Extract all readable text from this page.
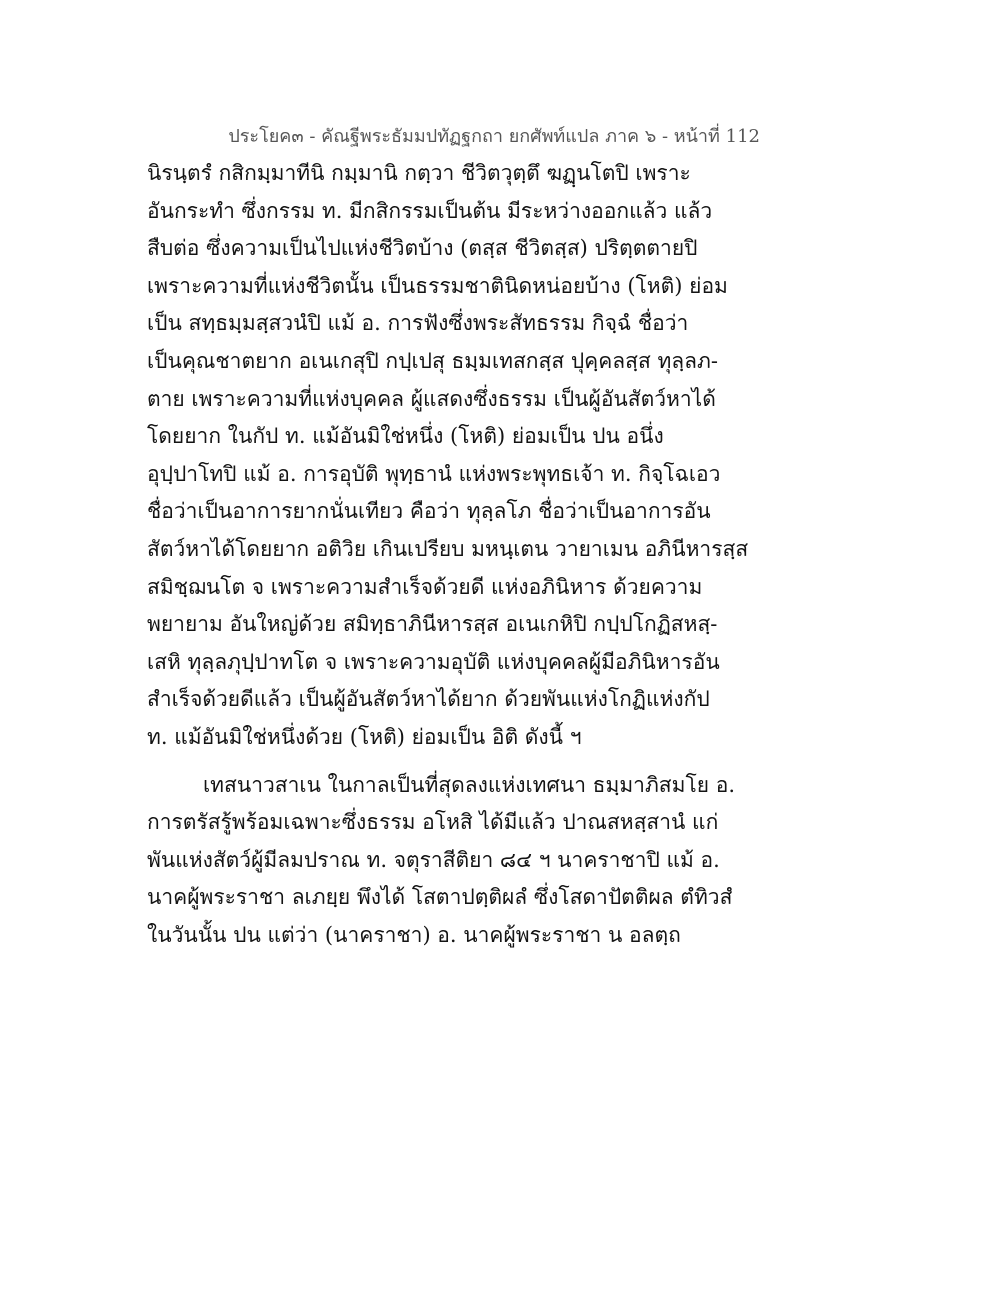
ประโยค๓ - คัณฐีพระธัมมปทัฏฐกถา ยกศัพท์แปล ภาค ๖ - หน้าที่ 112
นิรนฺตรํ กสิกมฺมาทีนิ กมฺมานิ กตฺวา ชีวิตวุตฺตึ ฆฏฺนโตปิ เพราะ
อันกระทำ ซึ่งกรรม ท. มีกสิกรรมเป็นต้น มีระหว่างออกแล้ว แล้ว
สืบต่อ ซึ่งความเป็นไปแห่งชีวิตบ้าง (ตสฺส ชีวิตสฺส) ปริตฺตตายปิ
เพราะความที่แห่งชีวิตนั้น เป็นธรรมชาตินิดหน่อยบ้าง (โหติ) ย่อม
เป็น สทฺธมฺมสฺสวนํปิ แม้ อ. การฟังซึ่งพระสัทธรรม กิจฺฉํ ชื่อว่า
เป็นคุณชาตยาก อเนเกสุปิ กปฺเปสุ ธมฺมเทสกสฺส ปุคฺคลสฺส ทุลฺลภ-
ตาย เพราะความที่แห่งบุคคล ผู้แสดงซึ่งธรรม เป็นผู้อันสัตว์หาได้
โดยยาก ในกัป ท. แม้อันมิใช่หนึ่ง (โหติ) ย่อมเป็น ปน อนึ่ง
อุปฺปาโทปิ แม้ อ. การอุบัติ พุทฺธานํ แห่งพระพุทธเจ้า ท. กิจฺโฉเอว
ชื่อว่าเป็นอาการยากนั่นเทียว คือว่า ทุลฺลโภ ชื่อว่าเป็นอาการอัน
สัตว์หาได้โดยยาก อติวิย เกินเปรียบ มหนฺเตน วายาเมน อภินีหารสฺส
สมิชฺฌนโต จ เพราะความสำเร็จด้วยดี แห่งอภินิหาร ด้วยความ
พยายาม อันใหญ่ด้วย สมิทฺธาภินีหารสฺส อเนเกหิปิ กปฺปโกฏิสหสฺ-
เสหิ ทุลฺลภุปฺปาทโต จ เพราะความอุบัติ แห่งบุคคลผู้มีอภินิหารอัน
สำเร็จด้วยดีแล้ว เป็นผู้อันสัตว์หาได้ยาก ด้วยพันแห่งโกฏิแห่งกัป
ท. แม้อันมิใช่หนึ่งด้วย (โหติ) ย่อมเป็น อิติ ดังนี้ ฯ
เทสนาวสาเน ในกาลเป็นที่สุดลงแห่งเทศนา ธมฺมาภิสมโย อ.
การตรัสรู้พร้อมเฉพาะซึ่งธรรม อโหสิ ได้มีแล้ว ปาณสหสฺสานํ แก่
พันแห่งสัตว์ผู้มีลมปราณ ท. จตุราสีติยา ๘๔ ฯ นาคราชาปิ แม้ อ.
นาคผู้พระราชา ลเภยฺย พึงได้ โสตาปตฺติผลํ ซึ่งโสดาปัตติผล ตํทิวสํ
ในวันนั้น ปน แต่ว่า (นาคราชา) อ. นาคผู้พระราชา น อลตฺถ
